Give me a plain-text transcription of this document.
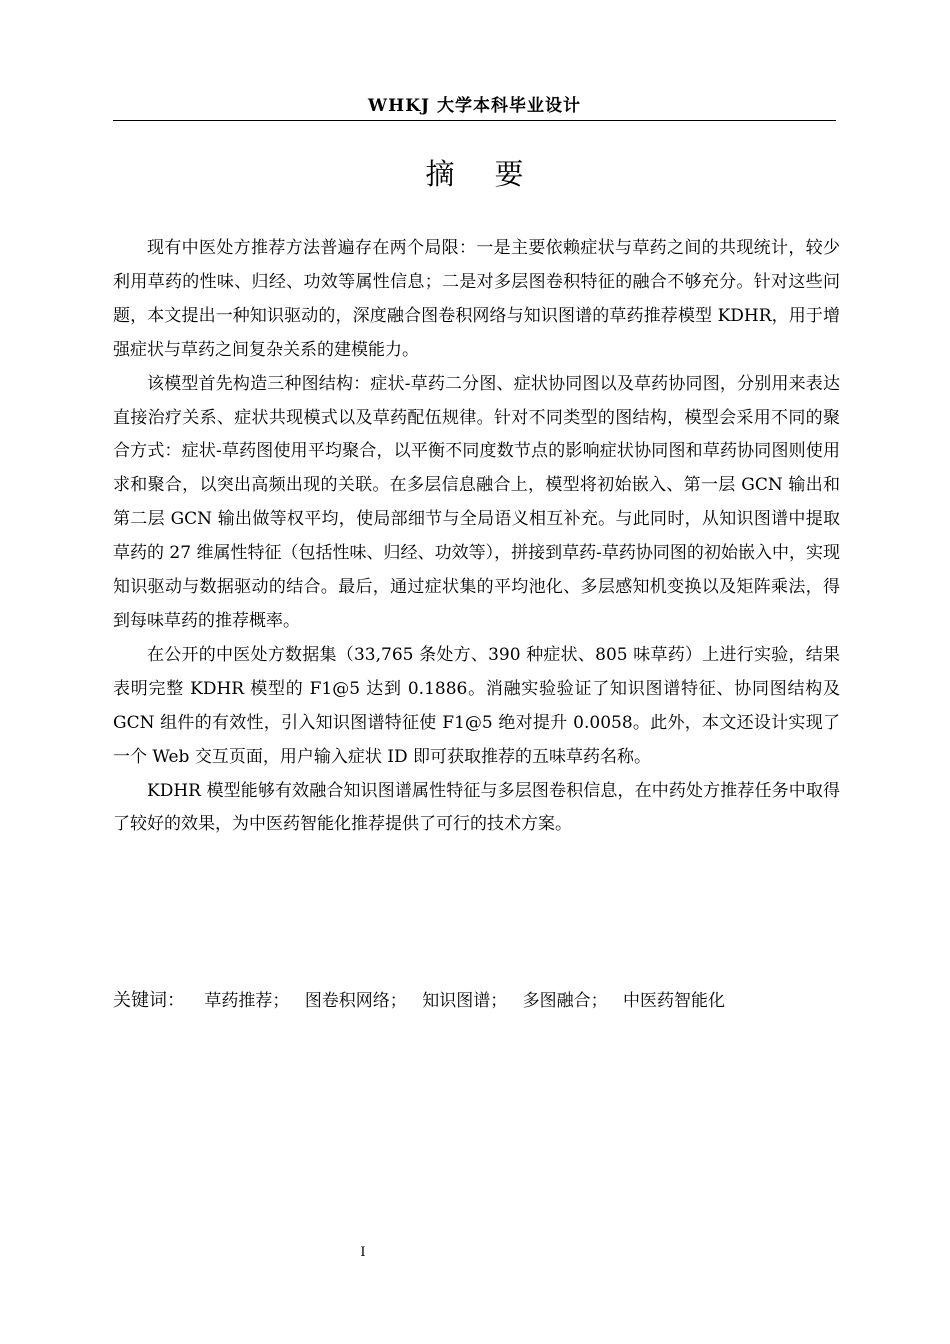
WHKJ 大学本科毕业设计
摘要

现有中医处方推荐方法普遍存在两个局限：一是主要依赖症状与草药之间的共现统计，较少利用草药的性味、归经、功效等属性信息；二是对多层图卷积特征的融合不够充分。针对这些问题，本文提出一种知识驱动的，深度融合图卷积网络与知识图谱的草药推荐模型 KDHR，用于增强症状与草药之间复杂关系的建模能力。

该模型首先构造三种图结构：症状-草药二分图、症状协同图以及草药协同图，分别用来表达直接治疗关系、症状共现模式以及草药配伍规律。针对不同类型的图结构，模型会采用不同的聚合方式：症状-草药图使用平均聚合，以平衡不同度数节点的影响症状协同图和草药协同图则使用求和聚合，以突出高频出现的关联。在多层信息融合上，模型将初始嵌入、第一层 GCN 输出和第二层 GCN 输出做等权平均，使局部细节与全局语义相互补充。与此同时，从知识图谱中提取草药的 27 维属性特征（包括性味、归经、功效等），拼接到草药-草药协同图的初始嵌入中，实现知识驱动与数据驱动的结合。最后，通过症状集的平均池化、多层感知机变换以及矩阵乘法，得到每味草药的推荐概率。

在公开的中医处方数据集（33,765 条处方、390 种症状、805 味草药）上进行实验，结果表明完整 KDHR 模型的 F1@5 达到 0.1886。消融实验验证了知识图谱特征、协同图结构及 GCN 组件的有效性，引入知识图谱特征使 F1@5 绝对提升 0.0058。此外，本文还设计实现了一个 Web 交互页面，用户输入症状 ID 即可获取推荐的五味草药名称。

KDHR 模型能够有效融合知识图谱属性特征与多层图卷积信息，在中药处方推荐任务中取得了较好的效果，为中医药智能化推荐提供了可行的技术方案。

关键词： 草药推荐； 图卷积网络； 知识图谱； 多图融合； 中医药智能化
I
